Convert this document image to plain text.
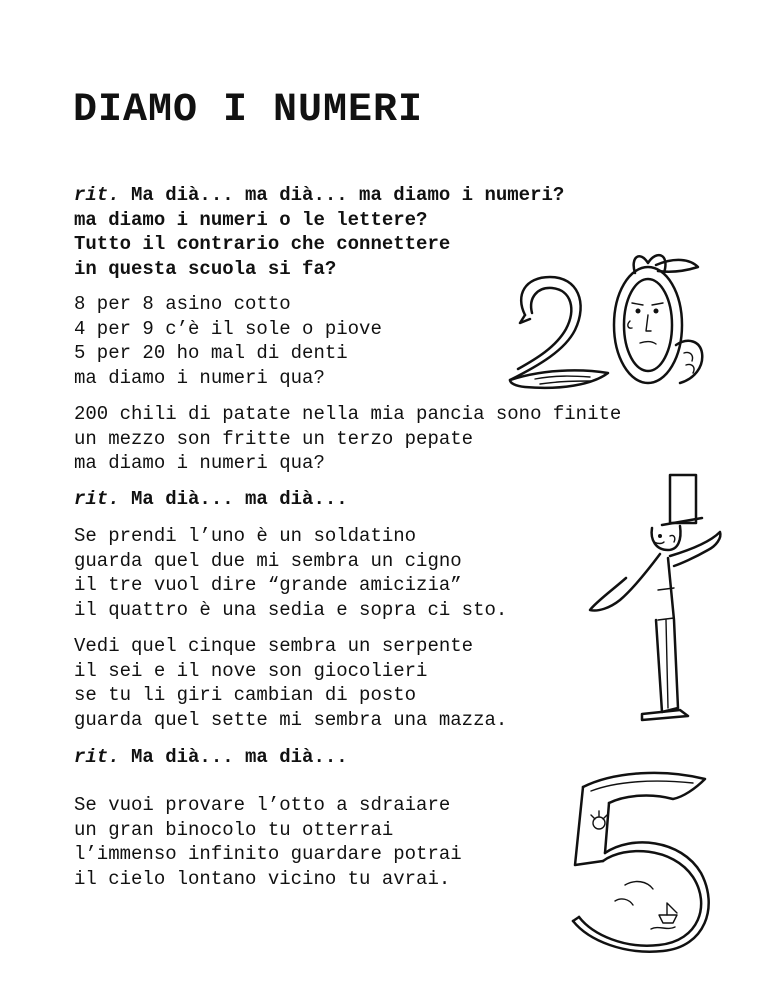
DIAMO I NUMERI
rit. Ma dià... ma dià... ma diamo i numeri?
ma diamo i numeri o le lettere?
Tutto il contrario che connettere
in questa scuola si fa?
8 per 8 asino cotto
4 per 9 c’è il sole o piove
5 per 20 ho mal di denti
ma diamo i numeri qua?
200 chili di patate nella mia pancia sono finite
un mezzo son fritte un terzo pepate
ma diamo i numeri qua?
rit. Ma dià... ma dià...
Se prendi l’uno è un soldatino
guarda quel due mi sembra un cigno
il tre vuol dire “grande amicizia”
il quattro è una sedia e sopra ci sto.
Vedi quel cinque sembra un serpente
il sei e il nove son giocolieri
se tu li giri cambian di posto
guarda quel sette mi sembra una mazza.
rit. Ma dià... ma dià...
Se vuoi provare l’otto a sdraiare
un gran binocolo tu otterrai
l’immenso infinito guardare potrai
il cielo lontano vicino tu avrai.
